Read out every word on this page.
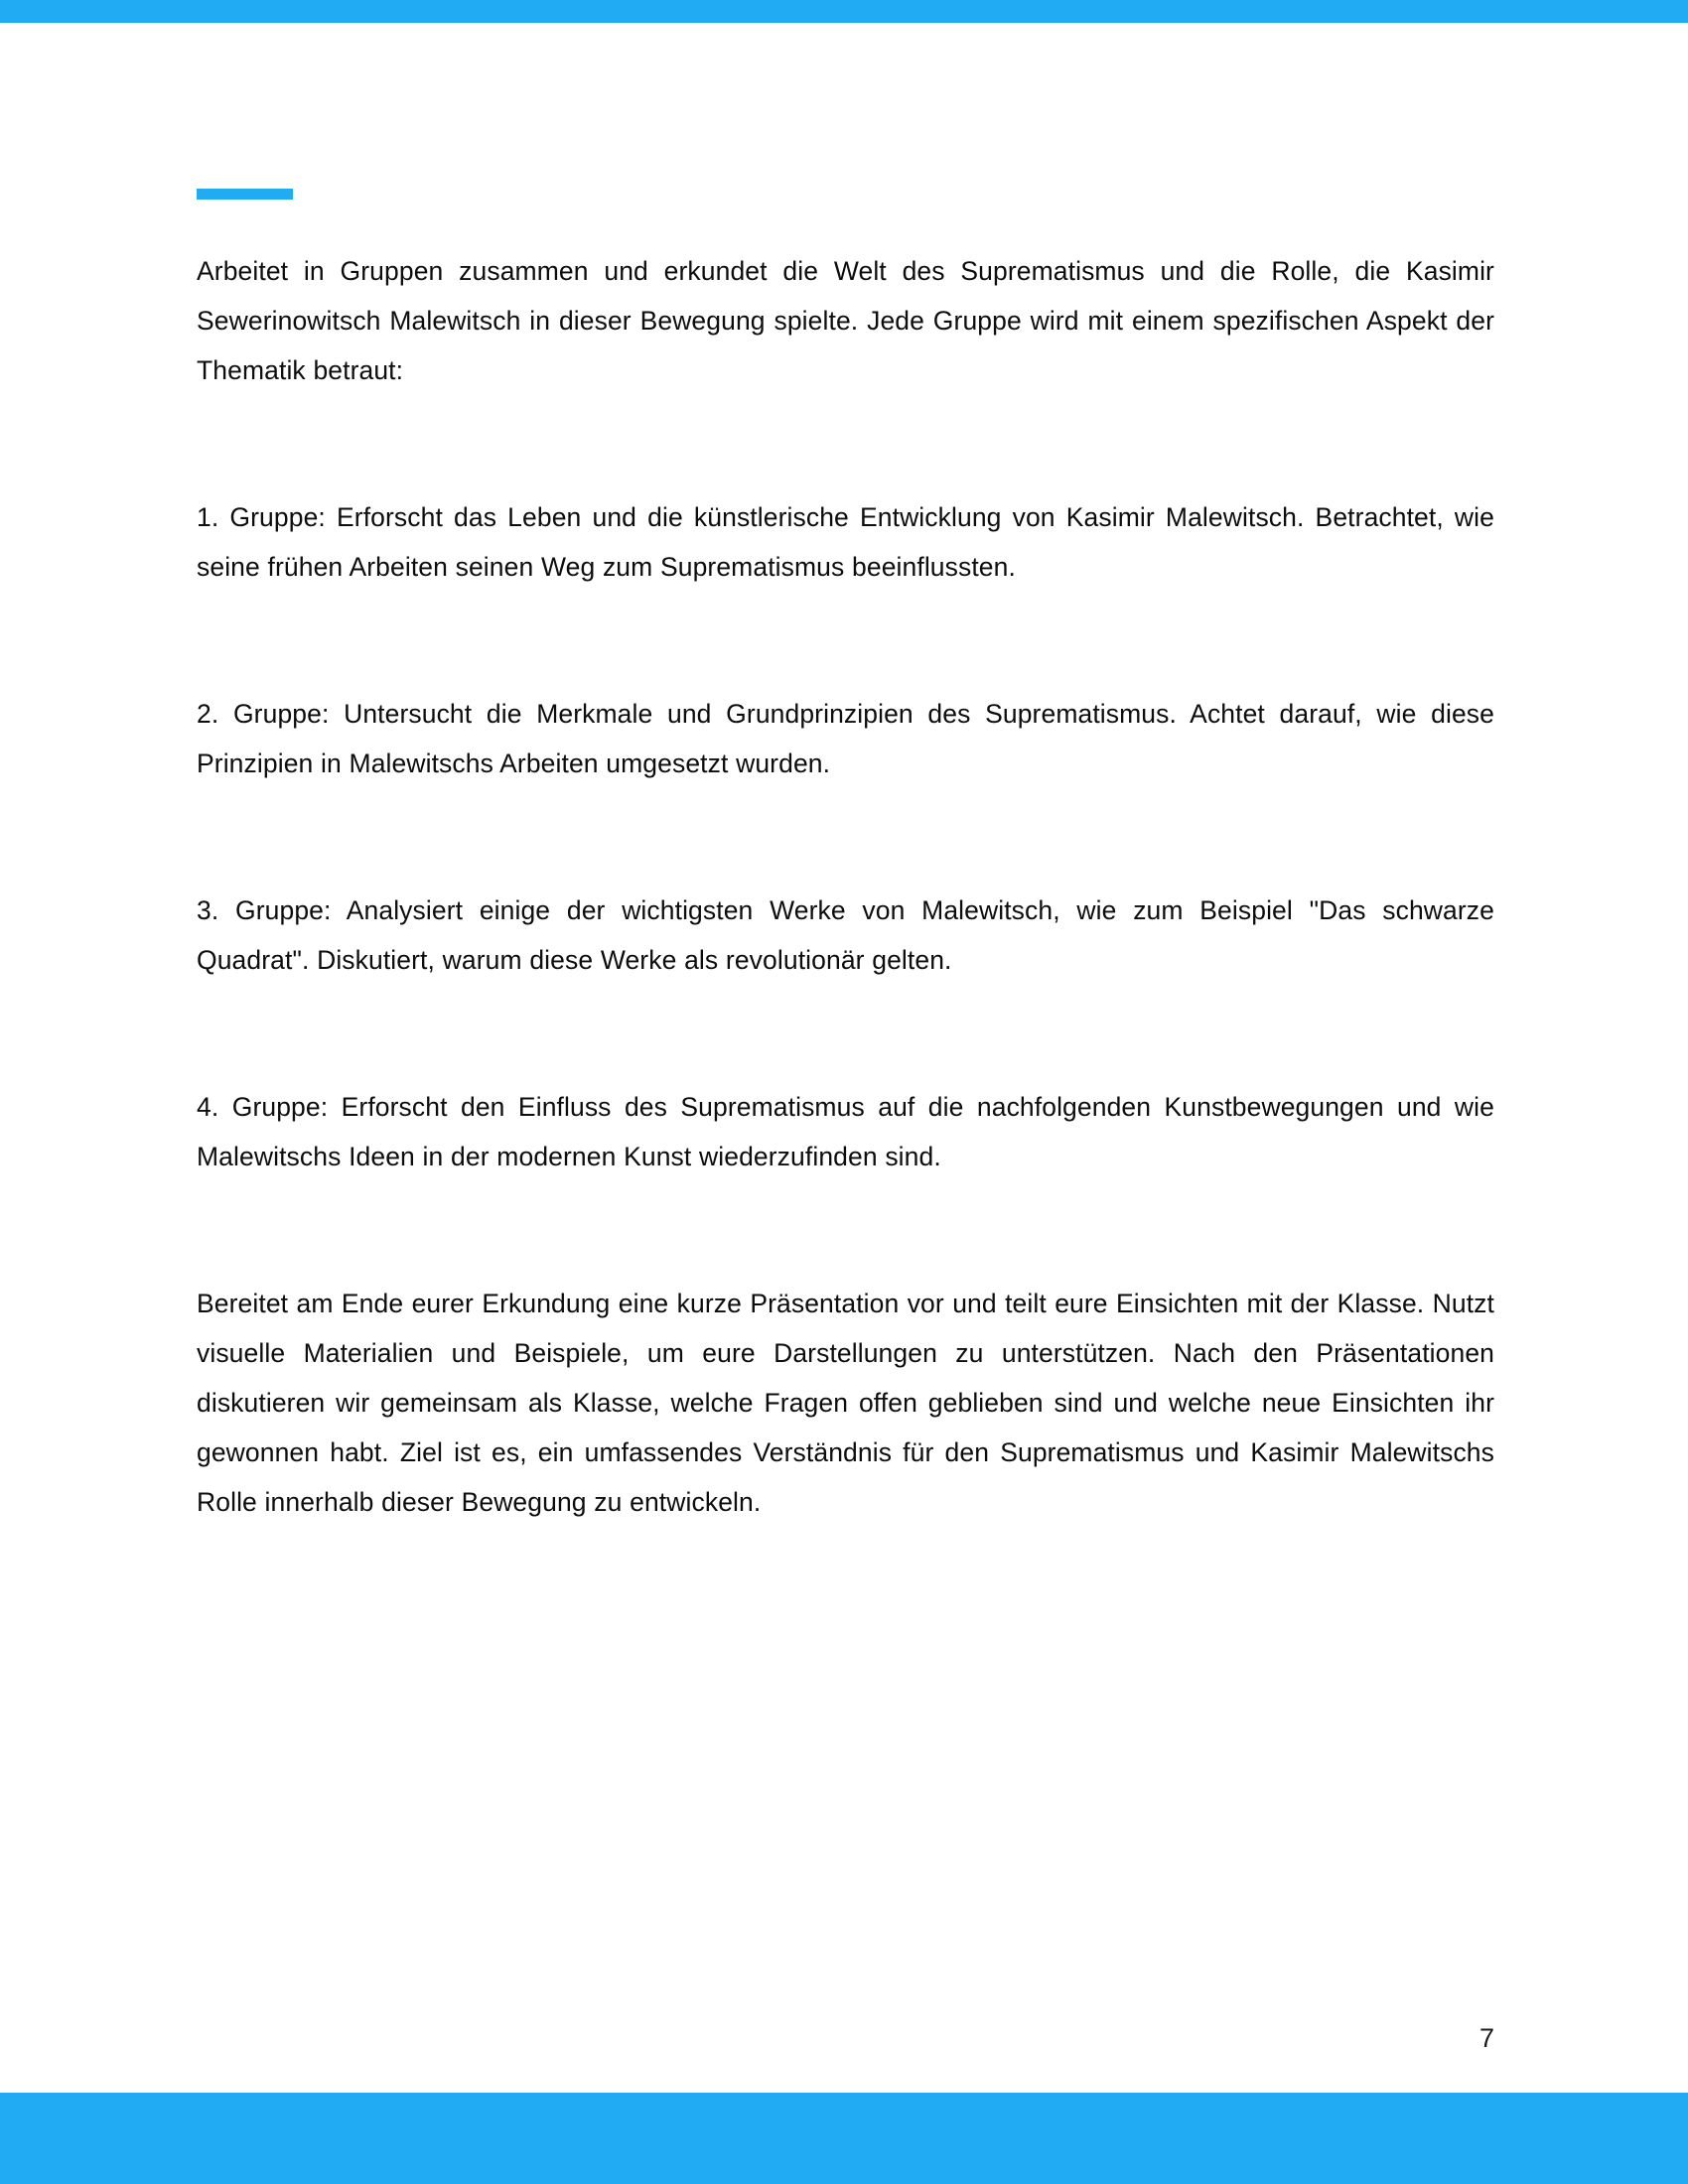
Arbeitet in Gruppen zusammen und erkundet die Welt des Suprematismus und die Rolle, die Kasimir Sewerinowitsch Malewitsch in dieser Bewegung spielte. Jede Gruppe wird mit einem spezifischen Aspekt der Thematik betraut:

1. Gruppe: Erforscht das Leben und die künstlerische Entwicklung von Kasimir Malewitsch. Betrachtet, wie seine frühen Arbeiten seinen Weg zum Suprematismus beeinflussten.

2. Gruppe: Untersucht die Merkmale und Grundprinzipien des Suprematismus. Achtet darauf, wie diese Prinzipien in Malewitschs Arbeiten umgesetzt wurden.

3. Gruppe: Analysiert einige der wichtigsten Werke von Malewitsch, wie zum Beispiel "Das schwarze Quadrat". Diskutiert, warum diese Werke als revolutionär gelten.

4. Gruppe: Erforscht den Einfluss des Suprematismus auf die nachfolgenden Kunstbewegungen und wie Malewitschs Ideen in der modernen Kunst wiederzufinden sind.

Bereitet am Ende eurer Erkundung eine kurze Präsentation vor und teilt eure Einsichten mit der Klasse. Nutzt visuelle Materialien und Beispiele, um eure Darstellungen zu unterstützen. Nach den Präsentationen diskutieren wir gemeinsam als Klasse, welche Fragen offen geblieben sind und welche neue Einsichten ihr gewonnen habt. Ziel ist es, ein umfassendes Verständnis für den Suprematismus und Kasimir Malewitschs Rolle innerhalb dieser Bewegung zu entwickeln.

7
